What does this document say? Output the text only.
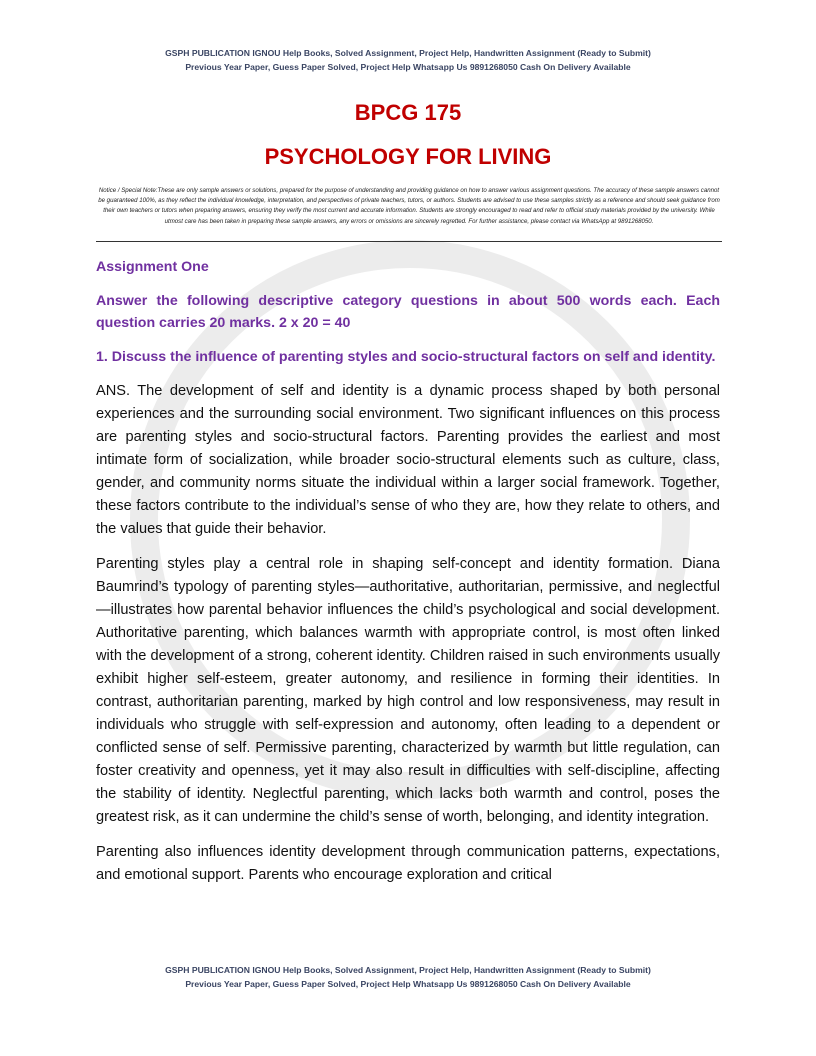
GSPH PUBLICATION IGNOU Help Books, Solved Assignment, Project Help, Handwritten Assignment (Ready to Submit)
Previous Year Paper, Guess Paper Solved, Project Help Whatsapp Us 9891268050 Cash On Delivery Available
BPCG 175
PSYCHOLOGY FOR LIVING
Notice / Special Note:These are only sample answers or solutions, prepared for the purpose of understanding and providing guidance on how to answer various assignment questions. The accuracy of these sample answers cannot be guaranteed 100%, as they reflect the individual knowledge, interpretation, and perspectives of private teachers, tutors, or authors. Students are advised to use these samples strictly as a reference and should seek guidance from their own teachers or tutors when preparing answers, ensuring they verify the most current and accurate information. Students are strongly encouraged to read and refer to official study materials provided by the university. While utmost care has been taken in preparing these sample answers, any errors or omissions are sincerely regretted. For further assistance, please contact via WhatsApp at 9891268050.
Assignment One
Answer the following descriptive category questions in about 500 words each. Each question carries 20 marks. 2 x 20 = 40
1. Discuss the influence of parenting styles and socio-structural factors on self and identity.

ANS. The development of self and identity is a dynamic process shaped by both personal experiences and the surrounding social environment. Two significant influences on this process are parenting styles and socio-structural factors. Parenting provides the earliest and most intimate form of socialization, while broader socio-structural elements such as culture, class, gender, and community norms situate the individual within a larger social framework. Together, these factors contribute to the individual’s sense of who they are, how they relate to others, and the values that guide their behavior.

Parenting styles play a central role in shaping self-concept and identity formation. Diana Baumrind’s typology of parenting styles—authoritative, authoritarian, permissive, and neglectful—illustrates how parental behavior influences the child’s psychological and social development. Authoritative parenting, which balances warmth with appropriate control, is most often linked with the development of a strong, coherent identity. Children raised in such environments usually exhibit higher self-esteem, greater autonomy, and resilience in forming their identities. In contrast, authoritarian parenting, marked by high control and low responsiveness, may result in individuals who struggle with self-expression and autonomy, often leading to a dependent or conflicted sense of self. Permissive parenting, characterized by warmth but little regulation, can foster creativity and openness, yet it may also result in difficulties with self-discipline, affecting the stability of identity. Neglectful parenting, which lacks both warmth and control, poses the greatest risk, as it can undermine the child’s sense of worth, belonging, and identity integration.

Parenting also influences identity development through communication patterns, expectations, and emotional support. Parents who encourage exploration and critical

GSPH PUBLICATION IGNOU Help Books, Solved Assignment, Project Help, Handwritten Assignment (Ready to Submit)
Previous Year Paper, Guess Paper Solved, Project Help Whatsapp Us 9891268050 Cash On Delivery Available
